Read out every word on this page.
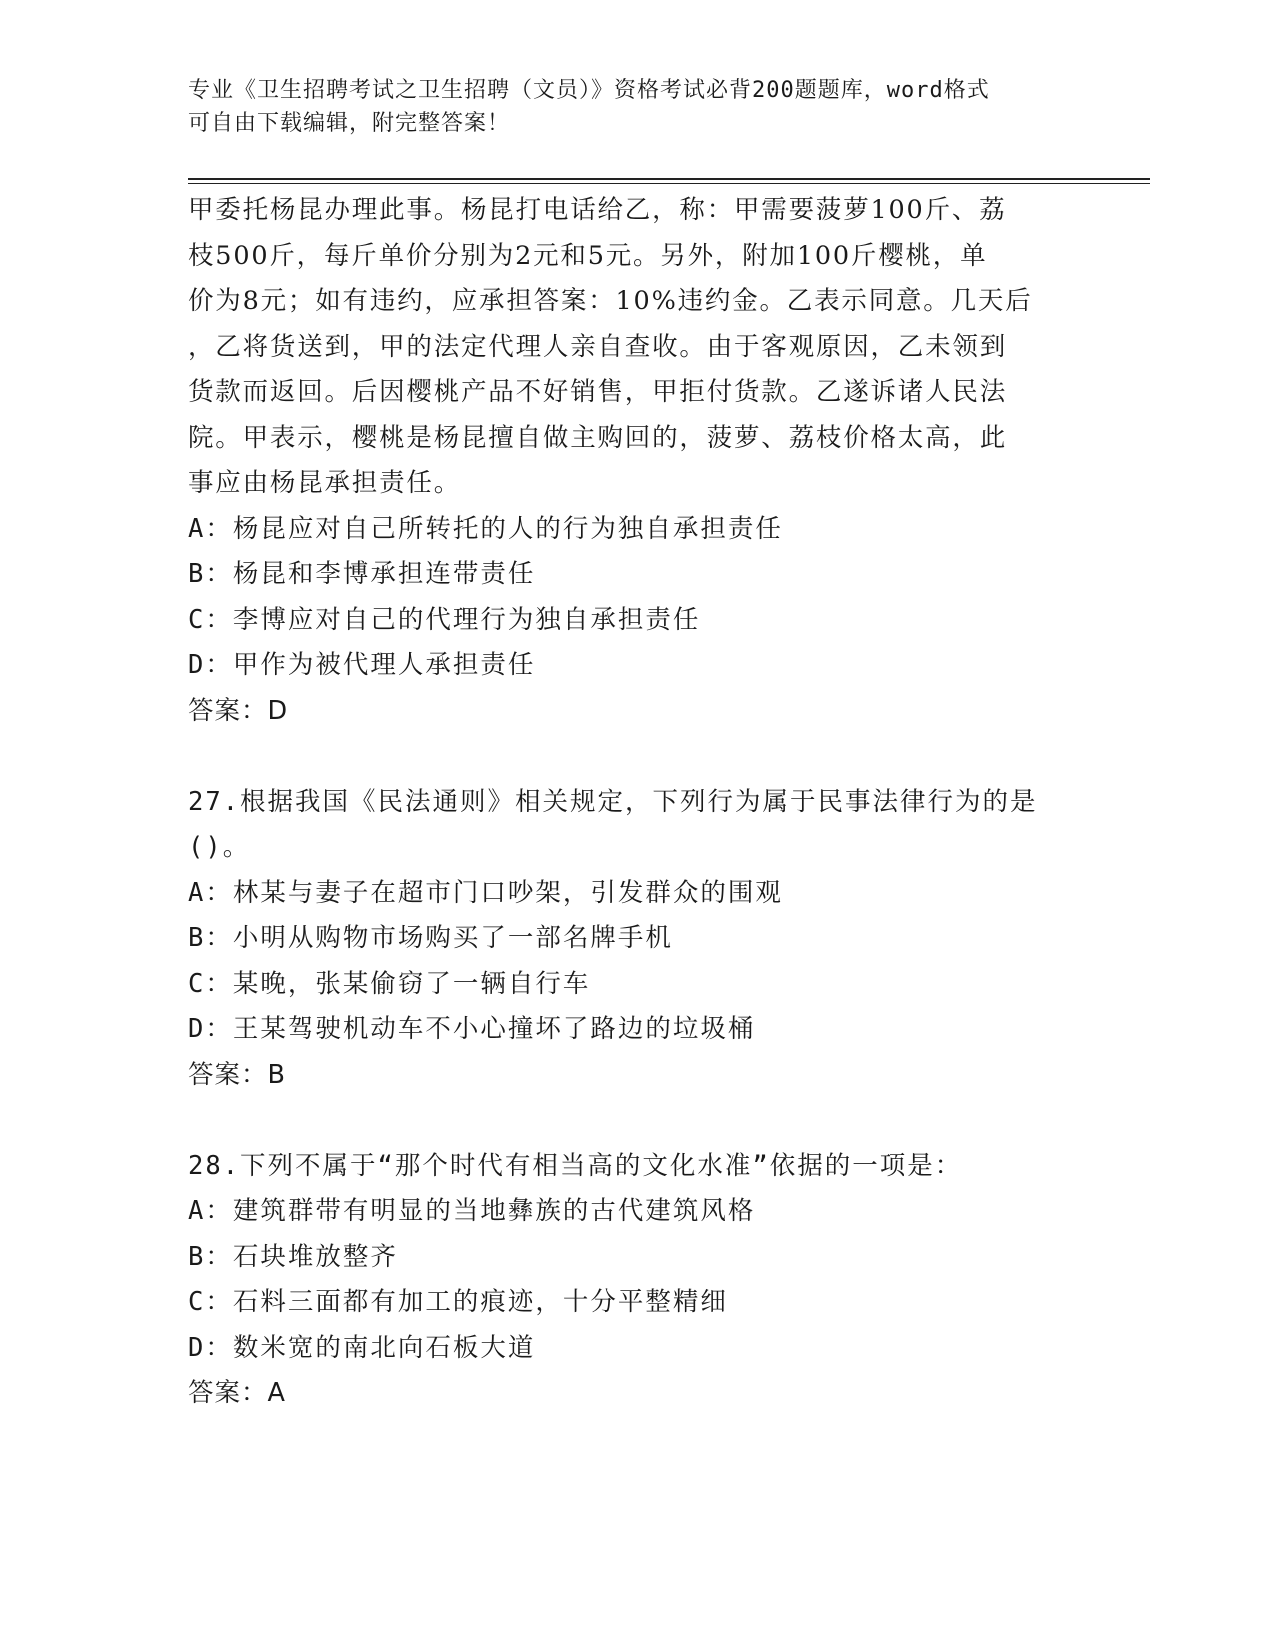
专业《卫生招聘考试之卫生招聘（文员）》资格考试必背200题题库，word格式
可自由下载编辑，附完整答案！

甲委托杨昆办理此事。杨昆打电话给乙，称：甲需要菠萝100斤、荔

枝500斤，每斤单价分别为2元和5元。另外，附加100斤樱桃，单

价为8元；如有违约，应承担答案：10%违约金。乙表示同意。几天后

，乙将货送到，甲的法定代理人亲自查收。由于客观原因，乙未领到

货款而返回。后因樱桃产品不好销售，甲拒付货款。乙遂诉诸人民法

院。甲表示，樱桃是杨昆擅自做主购回的，菠萝、荔枝价格太高，此

事应由杨昆承担责任。

A：杨昆应对自己所转托的人的行为独自承担责任

B：杨昆和李博承担连带责任

C：李博应对自己的代理行为独自承担责任

D：甲作为被代理人承担责任

答案：D

27.根据我国《民法通则》相关规定，下列行为属于民事法律行为的是

()。

A：林某与妻子在超市门口吵架，引发群众的围观

B：小明从购物市场购买了一部名牌手机

C：某晚，张某偷窃了一辆自行车

D：王某驾驶机动车不小心撞坏了路边的垃圾桶

答案：B

28.下列不属于“那个时代有相当高的文化水准”依据的一项是：

A：建筑群带有明显的当地彝族的古代建筑风格

B：石块堆放整齐

C：石料三面都有加工的痕迹，十分平整精细

D：数米宽的南北向石板大道

答案：A
